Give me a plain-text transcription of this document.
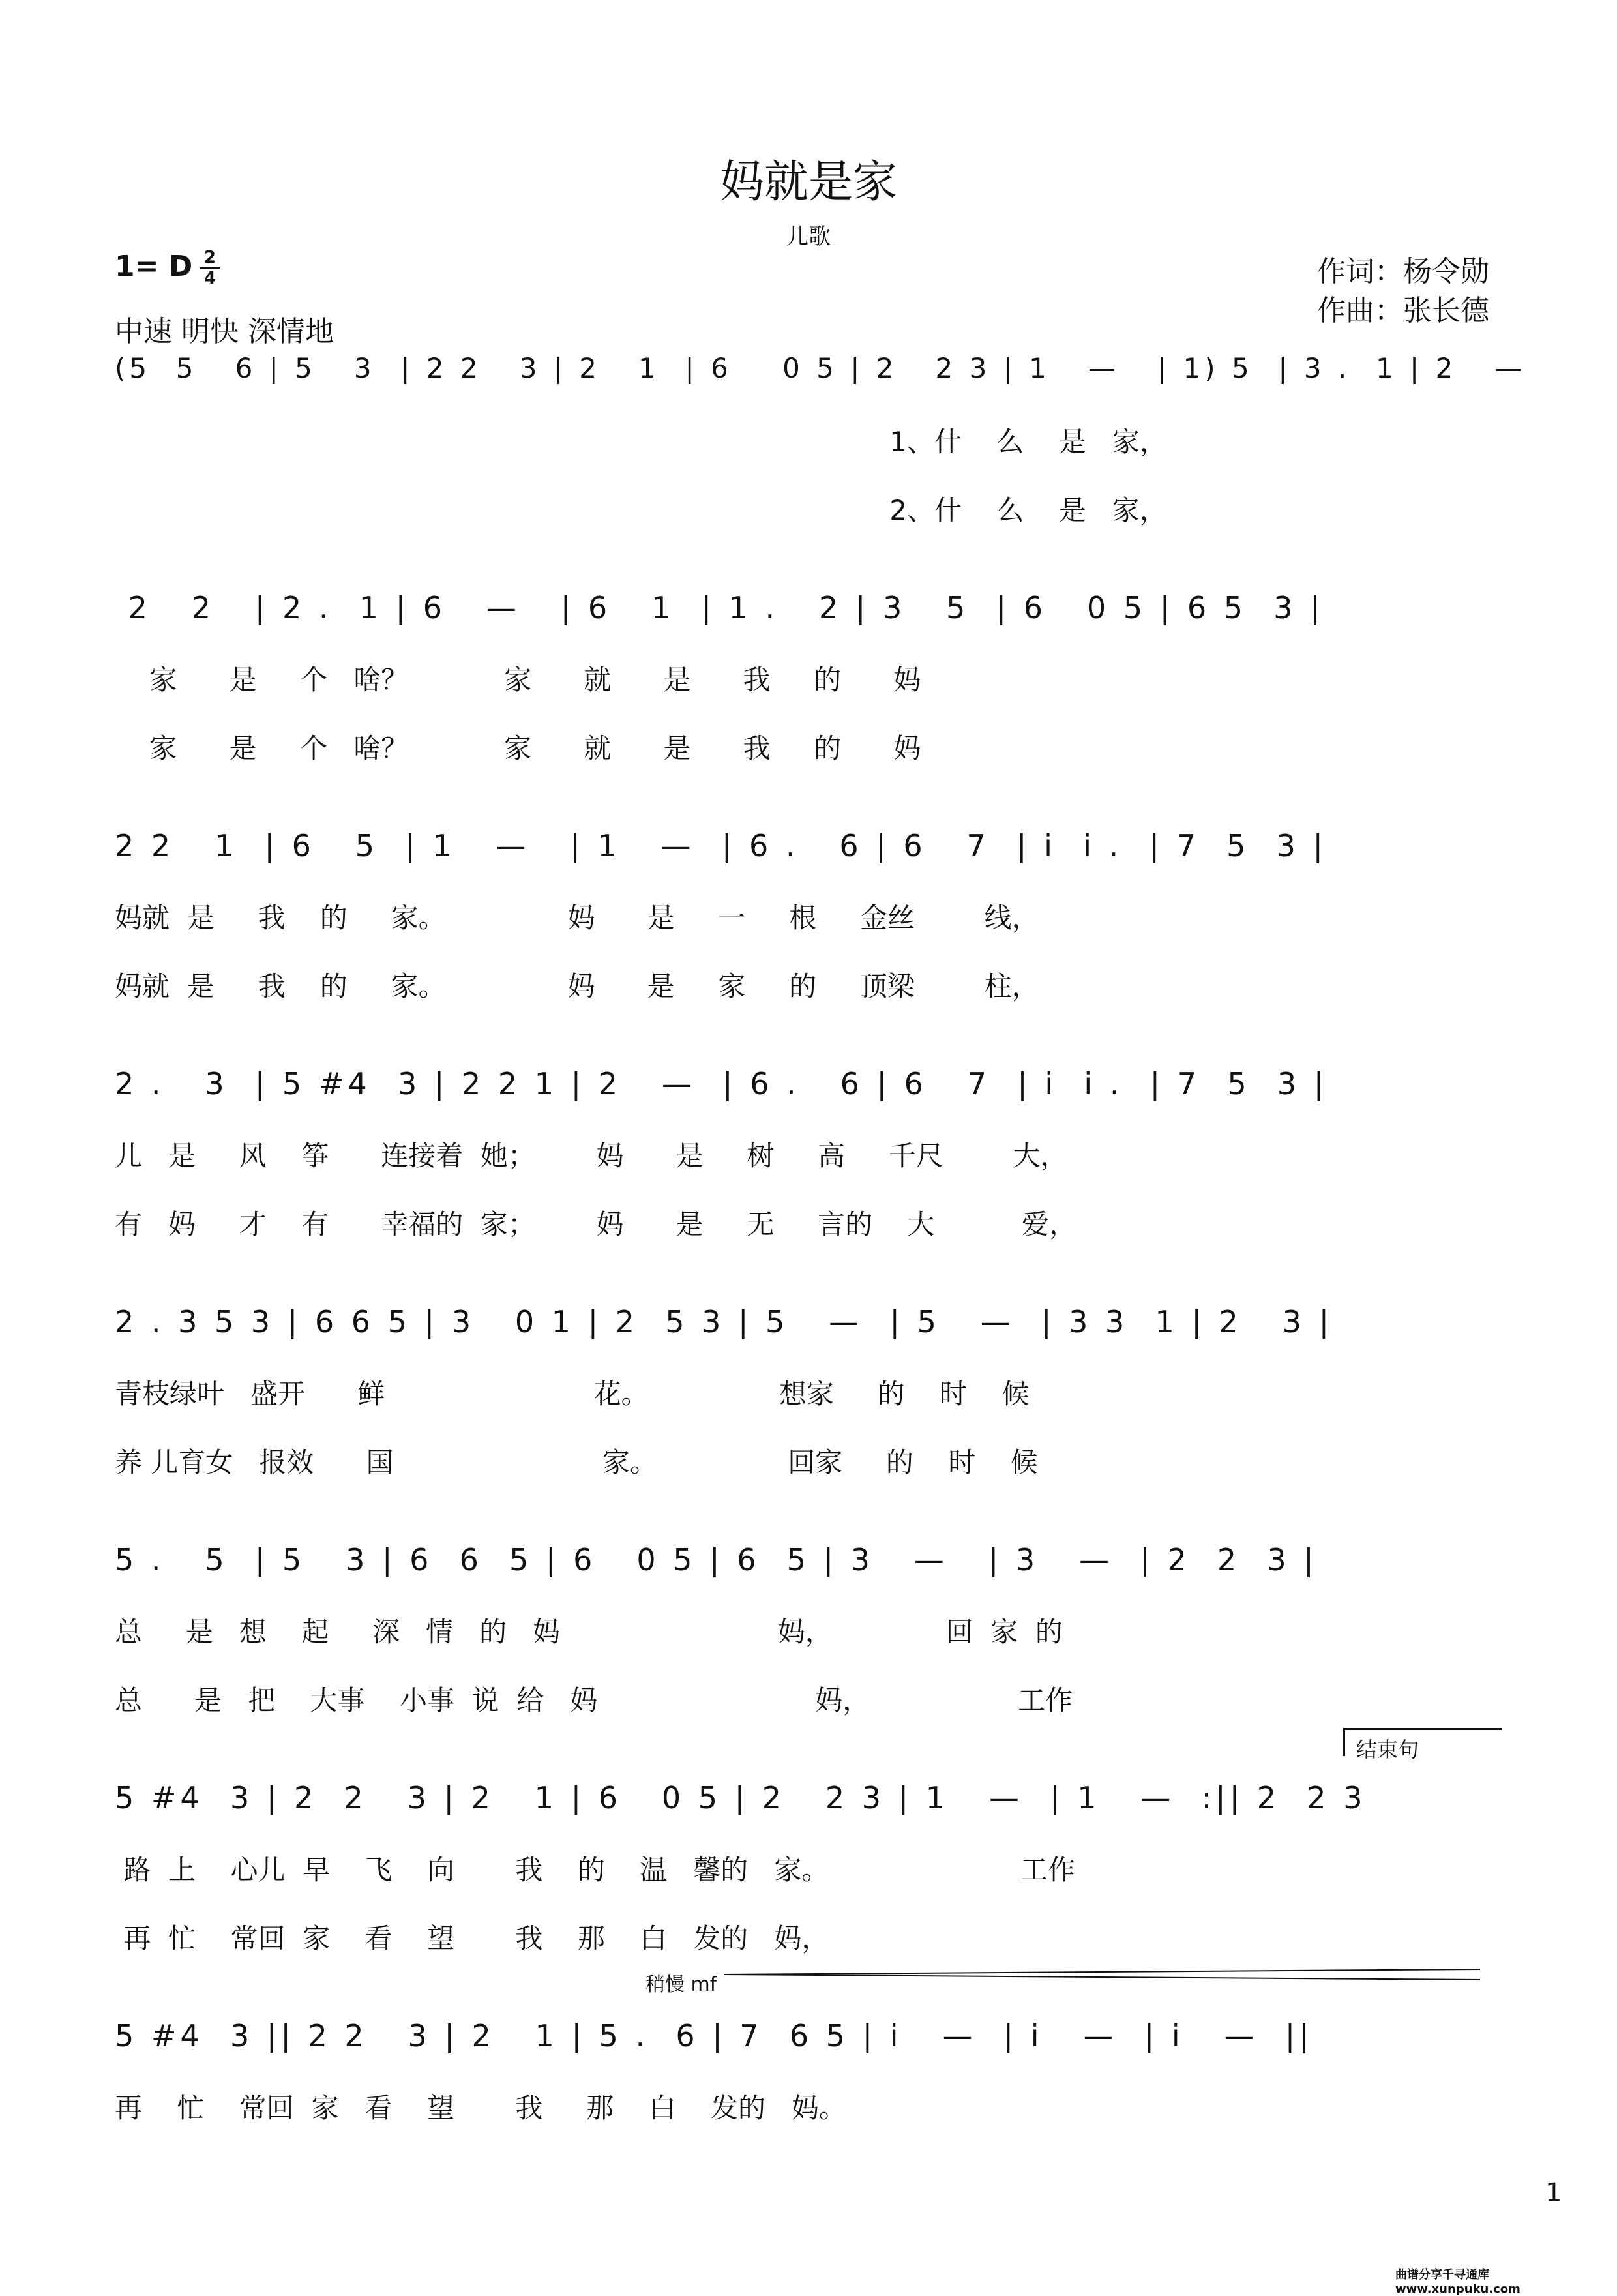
妈就是家
儿歌
1= D 2
4
中速 明快 深情地
作词：杨令勋
作曲：张长德
(5  5   6 | 5   3  | 2 2   3 | 2   1  | 6    0 5 | 2   2 3 | 1   —   | 1) 5  | 3 .  1 | 2   —
1、什    么    是   家，
2、什    么    是   家，
2   2   | 2 .  1 | 6   —   | 6   1  | 1 .   2 | 3   5  | 6   0 5 | 6 5  3 |
家      是     个   啥？           家      就      是      我     的      妈
家      是     个   啥？           家      就      是      我     的      妈
2 2   1  | 6   5  | 1   —   | 1   —  | 6 .   6 | 6   7  | i  i .  | 7  5  3 |
妈就  是     我    的     家。              妈      是     一     根     金丝        线，
妈就  是     我    的     家。              妈      是     家     的     顶梁        柱，
2 .   3  | 5 #4  3 | 2 2 1 | 2   —  | 6 .   6 | 6   7  | i  i .  | 7  5  3 |
儿   是     风    筝      连接着  她；       妈      是     树     高     千尺        大，
有   妈     才    有      幸福的  家；       妈      是     无     言的    大          爱，
2 . 3 5 3 | 6 6 5 | 3   0 1 | 2  5 3 | 5   —  | 5   —  | 3 3  1 | 2   3 |
青枝绿叶   盛开      鲜                        花。               想家     的    时    候
养 儿育女   报效      国                        家。               回家     的    时    候
5 .   5  | 5   3 | 6  6  5 | 6   0 5 | 6  5 | 3   —   | 3   —  | 2  2  3 |
总     是   想    起     深   情   的   妈                         妈，             回  家  的
总      是   把    大事    小事  说  给   妈                         妈，                 工作
5 #4  3 | 2  2   3 | 2   1 | 6   0 5 | 2   2 3 | 1   —  | 1   —  :|| 2  2 3
路  上    心儿  早    飞    向       我    的    温   馨的   家。                      工作
再  忙    常回  家    看    望       我    那    白   发的   妈，
5 #4  3 || 2 2   3 | 2   1 | 5 .  6 | 7  6 5 | i   —  | i   —  | i   —  ||
再    忙    常回  家   看    望       我     那    白    发的   妈。
结束句
稍慢 mf
1
曲谱分享千寻通库 www.xunpuku.com
